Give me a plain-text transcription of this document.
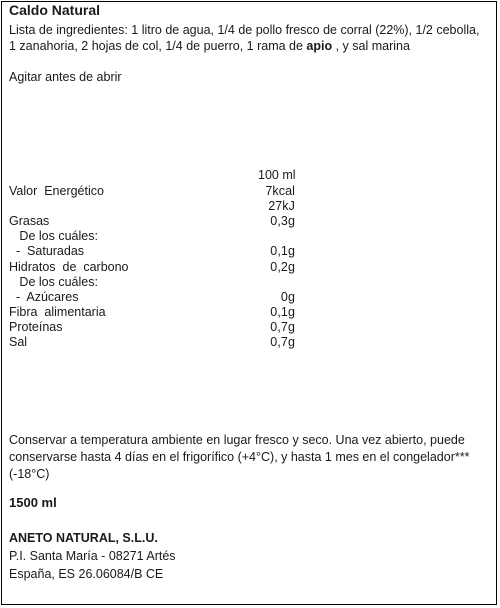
Caldo Natural
Lista de ingredientes: 1 litro de agua, 1/4 de pollo fresco de corral (22%), 1/2 cebolla, 1 zanahoria, 2 hojas de col, 1/4 de puerro, 1 rama de apio , y sal marina
Agitar antes de abrir
100 ml
Valor  Energético	7kcal
27kJ
Grasas	0,3g
De los cuáles:
-  Saturadas	0,1g
Hidratos  de  carbono	0,2g
De los cuáles:
-  Azúcares	0g
Fibra  alimentaria	0,1g
Proteínas	0,7g
Sal	0,7g
Conservar a temperatura ambiente en lugar fresco y seco. Una vez abierto, puede conservarse hasta 4 días en el frigorífico (+4°C), y hasta 1 mes en el congelador*** (-18°C)
1500 ml
ANETO NATURAL, S.L.U.
P.I. Santa María - 08271 Artés
España, ES 26.06084/B CE
